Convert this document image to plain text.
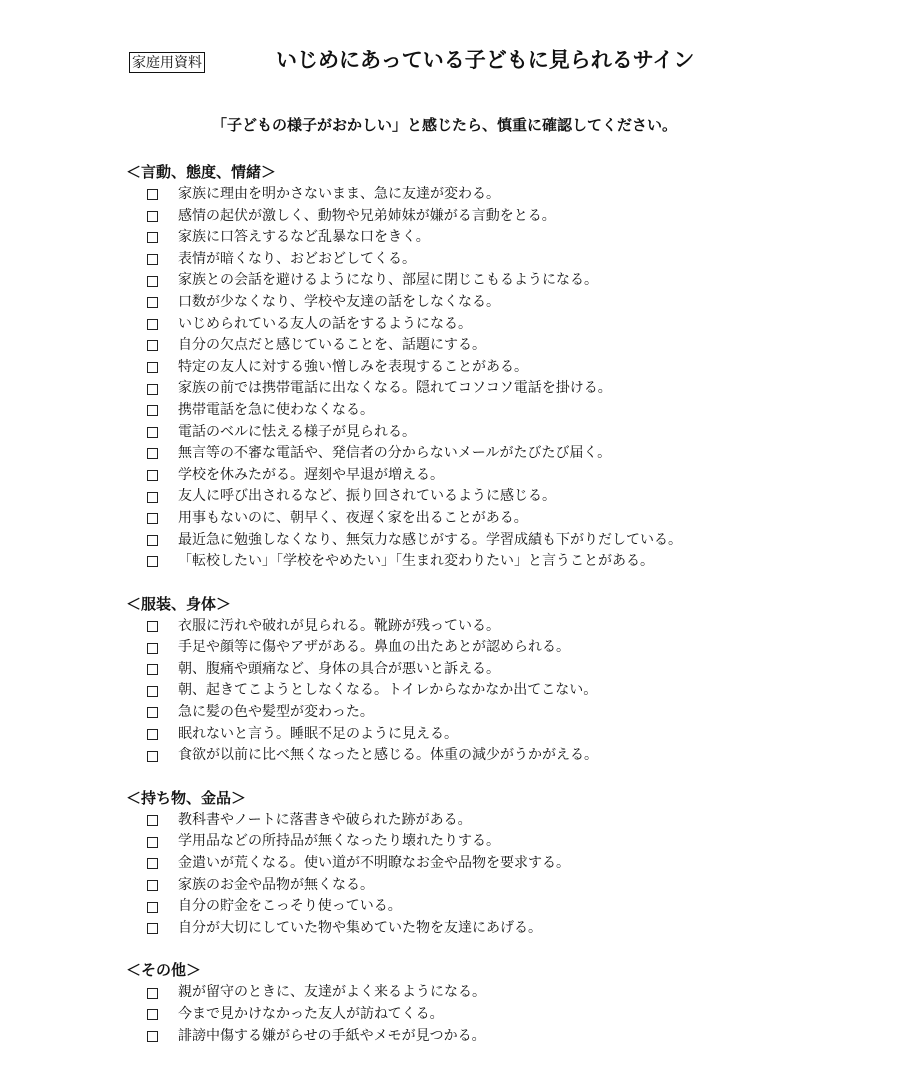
家庭用資料	いじめにあっている子どもに見られるサイン
「子どもの様子がおかしい」と感じたら、慎重に確認してください。
＜言動、態度、情緒＞
家族に理由を明かさないまま、急に友達が変わる。
感情の起伏が激しく、動物や兄弟姉妹が嫌がる言動をとる。
家族に口答えするなど乱暴な口をきく。
表情が暗くなり、おどおどしてくる。
家族との会話を避けるようになり、部屋に閉じこもるようになる。
口数が少なくなり、学校や友達の話をしなくなる。
いじめられている友人の話をするようになる。
自分の欠点だと感じていることを、話題にする。
特定の友人に対する強い憎しみを表現することがある。
家族の前では携帯電話に出なくなる。隠れてコソコソ電話を掛ける。
携帯電話を急に使わなくなる。
電話のベルに怯える様子が見られる。
無言等の不審な電話や、発信者の分からないメールがたびたび届く。
学校を休みたがる。遅刻や早退が増える。
友人に呼び出されるなど、振り回されているように感じる。
用事もないのに、朝早く、夜遅く家を出ることがある。
最近急に勉強しなくなり、無気力な感じがする。学習成績も下がりだしている。
「転校したい」「学校をやめたい」「生まれ変わりたい」と言うことがある。
＜服装、身体＞
衣服に汚れや破れが見られる。靴跡が残っている。
手足や顔等に傷やアザがある。鼻血の出たあとが認められる。
朝、腹痛や頭痛など、身体の具合が悪いと訴える。
朝、起きてこようとしなくなる。トイレからなかなか出てこない。
急に髪の色や髪型が変わった。
眠れないと言う。睡眠不足のように見える。
食欲が以前に比べ無くなったと感じる。体重の減少がうかがえる。
＜持ち物、金品＞
教科書やノートに落書きや破られた跡がある。
学用品などの所持品が無くなったり壊れたりする。
金遣いが荒くなる。使い道が不明瞭なお金や品物を要求する。
家族のお金や品物が無くなる。
自分の貯金をこっそり使っている。
自分が大切にしていた物や集めていた物を友達にあげる。
＜その他＞
親が留守のときに、友達がよく来るようになる。
今まで見かけなかった友人が訪ねてくる。
誹謗中傷する嫌がらせの手紙やメモが見つかる。
